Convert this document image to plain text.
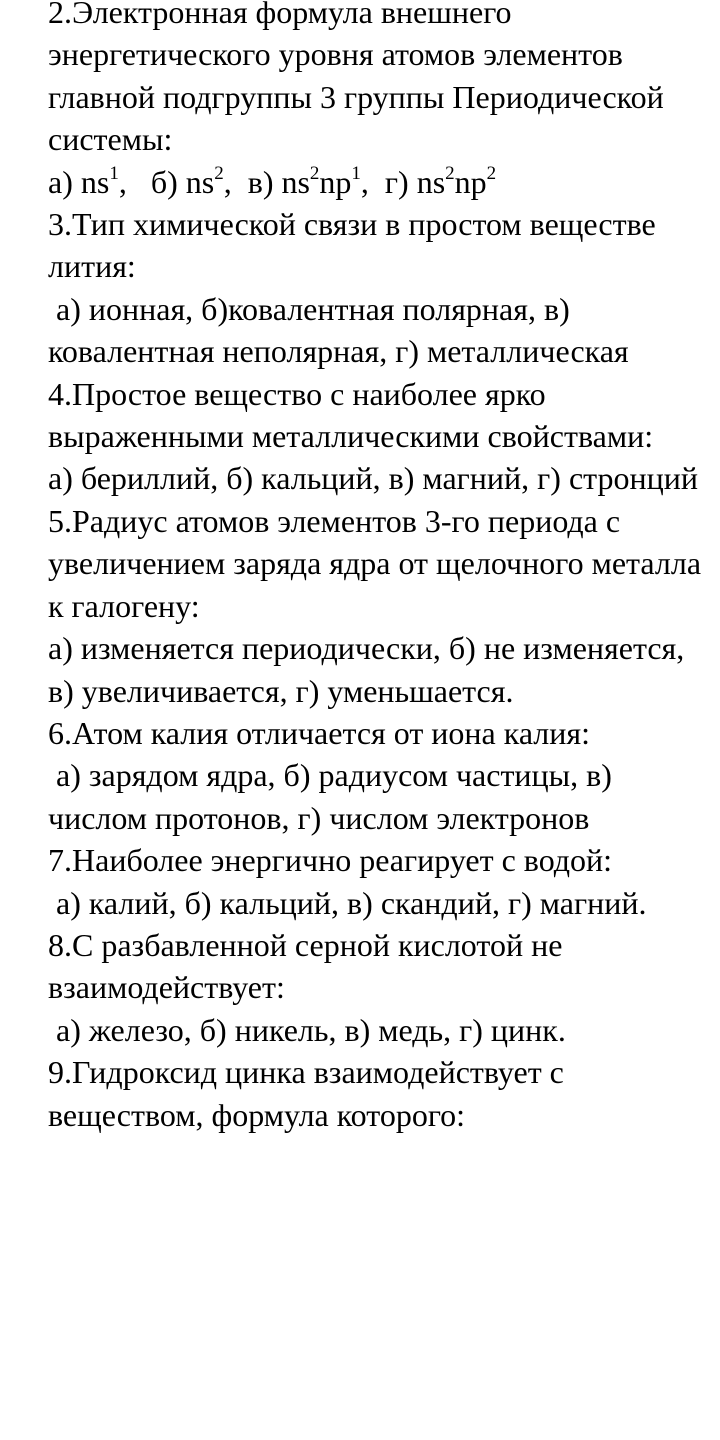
2.Электронная формула внешнего энергетического уровня атомов элементов главной подгруппы 3 группы Периодической системы:

а) $ns^1$,   б) $ns^2$,  в) $ns^2np^1$,  г) $ns^2np^2$

3.Тип химической связи в простом веществе лития:

а) ионная, б)ковалентная полярная, в) ковалентная неполярная, г) металлическая

4.Простое вещество с наиболее ярко выраженными металлическими свойствами:

а) бериллий, б) кальций, в) магний, г) стронций

5.Радиус атомов элементов 3-го периода с увеличением заряда ядра от щелочного металла к галогену:

а) изменяется периодически, б) не изменяется, в) увеличивается, г) уменьшается.

6.Атом калия отличается от иона калия:

а) зарядом ядра, б) радиусом частицы, в) числом протонов, г) числом электронов

7.Наиболее энергично реагирует с водой:

а) калий, б) кальций, в) скандий, г) магний.

8.С разбавленной серной кислотой не взаимодействует:

а) железо, б) никель, в) медь, г) цинк.

9.Гидроксид цинка взаимодействует с веществом, формула которого:
